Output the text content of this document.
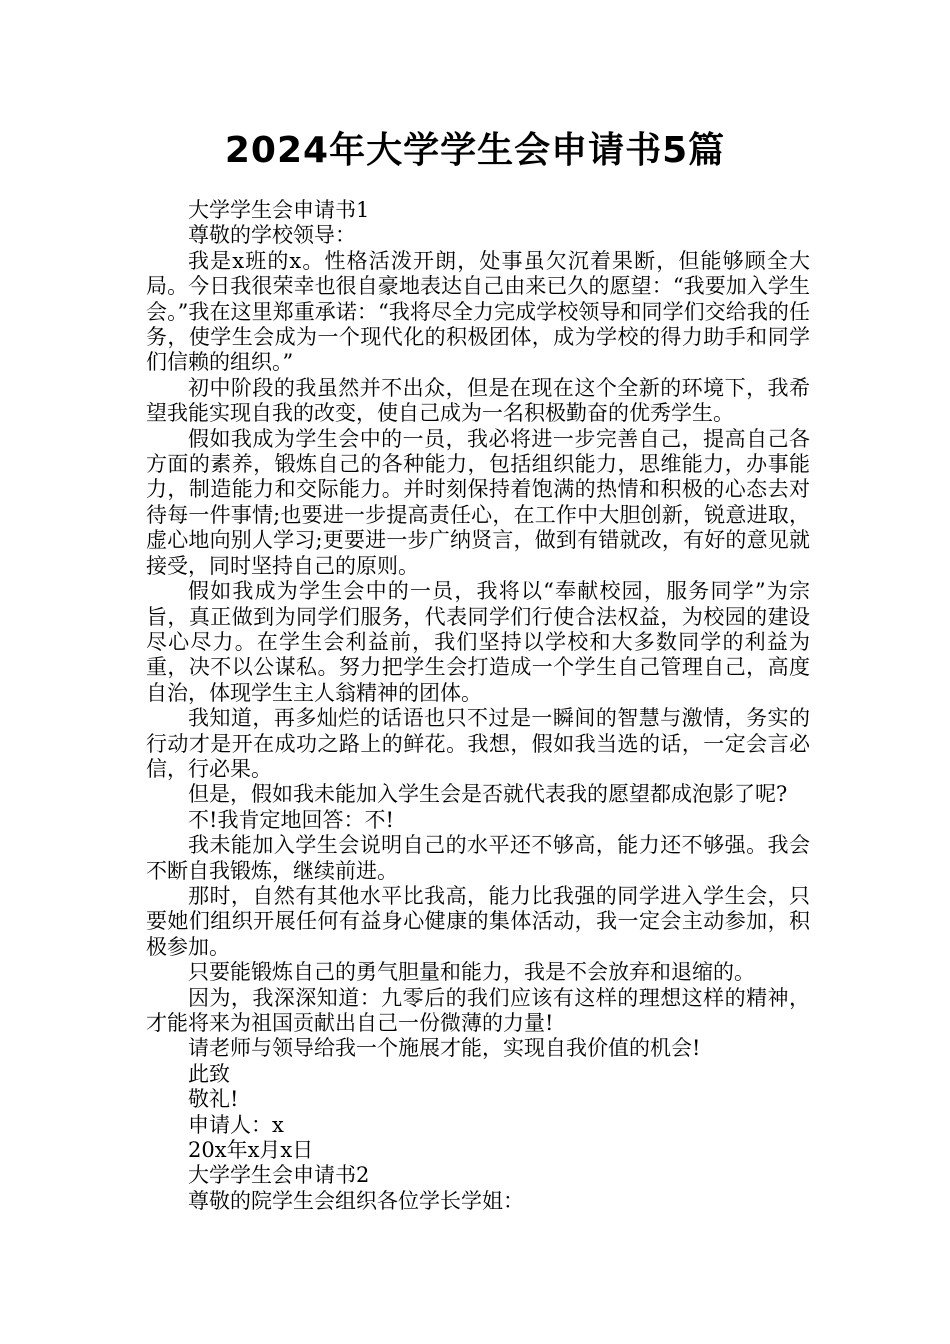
2024年大学学生会申请书5篇

大学学生会申请书1

尊敬的学校领导：

我是x班的x。性格活泼开朗，处事虽欠沉着果断，但能够顾全大局。今日我很荣幸也很自豪地表达自己由来已久的愿望：“我要加入学生会。”我在这里郑重承诺：“我将尽全力完成学校领导和同学们交给我的任务，使学生会成为一个现代化的积极团体，成为学校的得力助手和同学们信赖的组织。”

初中阶段的我虽然并不出众，但是在现在这个全新的环境下，我希望我能实现自我的改变，使自己成为一名积极勤奋的优秀学生。

假如我成为学生会中的一员，我必将进一步完善自己，提高自己各方面的素养，锻炼自己的各种能力，包括组织能力，思维能力，办事能力，制造能力和交际能力。并时刻保持着饱满的热情和积极的心态去对待每一件事情;也要进一步提高责任心，在工作中大胆创新，锐意进取，虚心地向别人学习;更要进一步广纳贤言，做到有错就改，有好的意见就接受，同时坚持自己的原则。

假如我成为学生会中的一员，我将以“奉献校园，服务同学”为宗旨，真正做到为同学们服务，代表同学们行使合法权益，为校园的建设尽心尽力。在学生会利益前，我们坚持以学校和大多数同学的利益为重，决不以公谋私。努力把学生会打造成一个学生自己管理自己，高度自治，体现学生主人翁精神的团体。

我知道，再多灿烂的话语也只不过是一瞬间的智慧与激情，务实的行动才是开在成功之路上的鲜花。我想，假如我当选的话，一定会言必信，行必果。

但是，假如我未能加入学生会是否就代表我的愿望都成泡影了呢?

不!我肯定地回答：不!

我未能加入学生会说明自己的水平还不够高，能力还不够强。我会不断自我锻炼，继续前进。

那时，自然有其他水平比我高，能力比我强的同学进入学生会，只要她们组织开展任何有益身心健康的集体活动，我一定会主动参加，积极参加。

只要能锻炼自己的勇气胆量和能力，我是不会放弃和退缩的。

因为，我深深知道：九零后的我们应该有这样的理想这样的精神，才能将来为祖国贡献出自己一份微薄的力量!

请老师与领导给我一个施展才能，实现自我价值的机会!

此致

敬礼!

申请人：x

20x年x月x日

大学学生会申请书2

尊敬的院学生会组织各位学长学姐：
